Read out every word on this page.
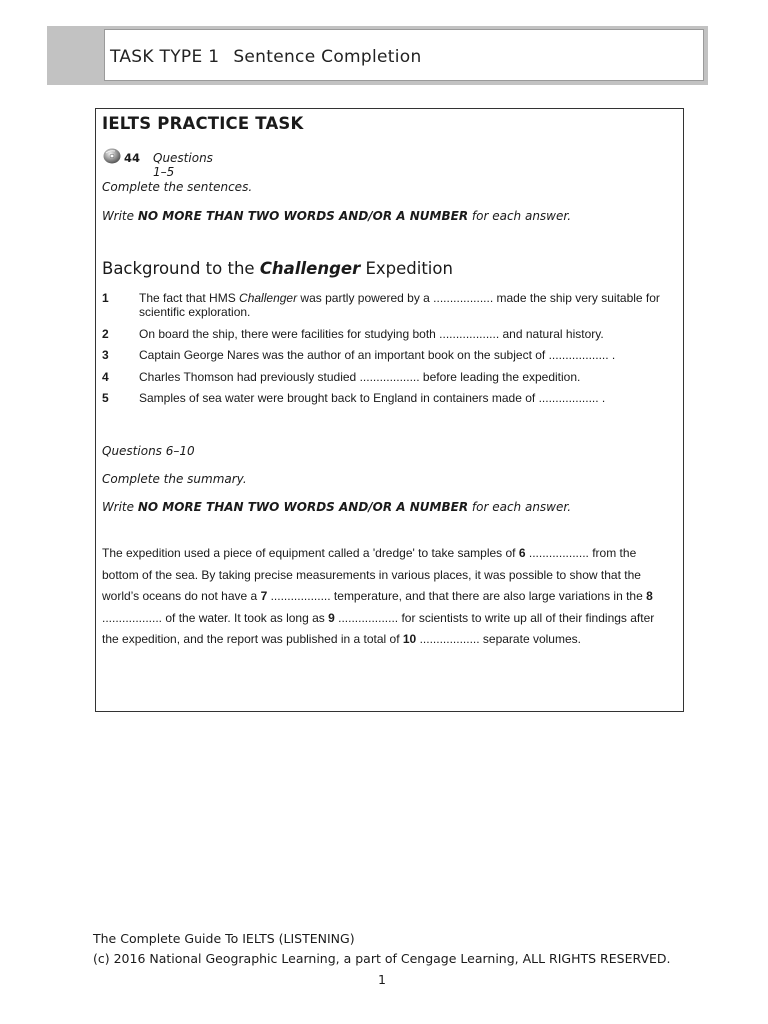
TASK TYPE 1 Sentence Completion
IELTS PRACTICE TASK
44 Questions 1–5
Complete the sentences.
Write NO MORE THAN TWO WORDS AND/OR A NUMBER for each answer.
Background to the Challenger Expedition
1	The fact that HMS Challenger was partly powered by a .................. made the ship very suitable for scientific exploration.
2	On board the ship, there were facilities for studying both .................. and natural history.
3	Captain George Nares was the author of an important book on the subject of .................. .
4	Charles Thomson had previously studied .................. before leading the expedition.
5	Samples of sea water were brought back to England in containers made of .................. .
Questions 6–10
Complete the summary.
Write NO MORE THAN TWO WORDS AND/OR A NUMBER for each answer.
The expedition used a piece of equipment called a 'dredge' to take samples of 6 .................. from the bottom of the sea. By taking precise measurements in various places, it was possible to show that the world’s oceans do not have a 7 .................. temperature, and that there are also large variations in the 8 .................. of the water. It took as long as 9 .................. for scientists to write up all of their findings after the expedition, and the report was published in a total of 10 .................. separate volumes.
The Complete Guide To IELTS (LISTENING)
(c) 2016 National Geographic Learning, a part of Cengage Learning, ALL RIGHTS RESERVED.
1
